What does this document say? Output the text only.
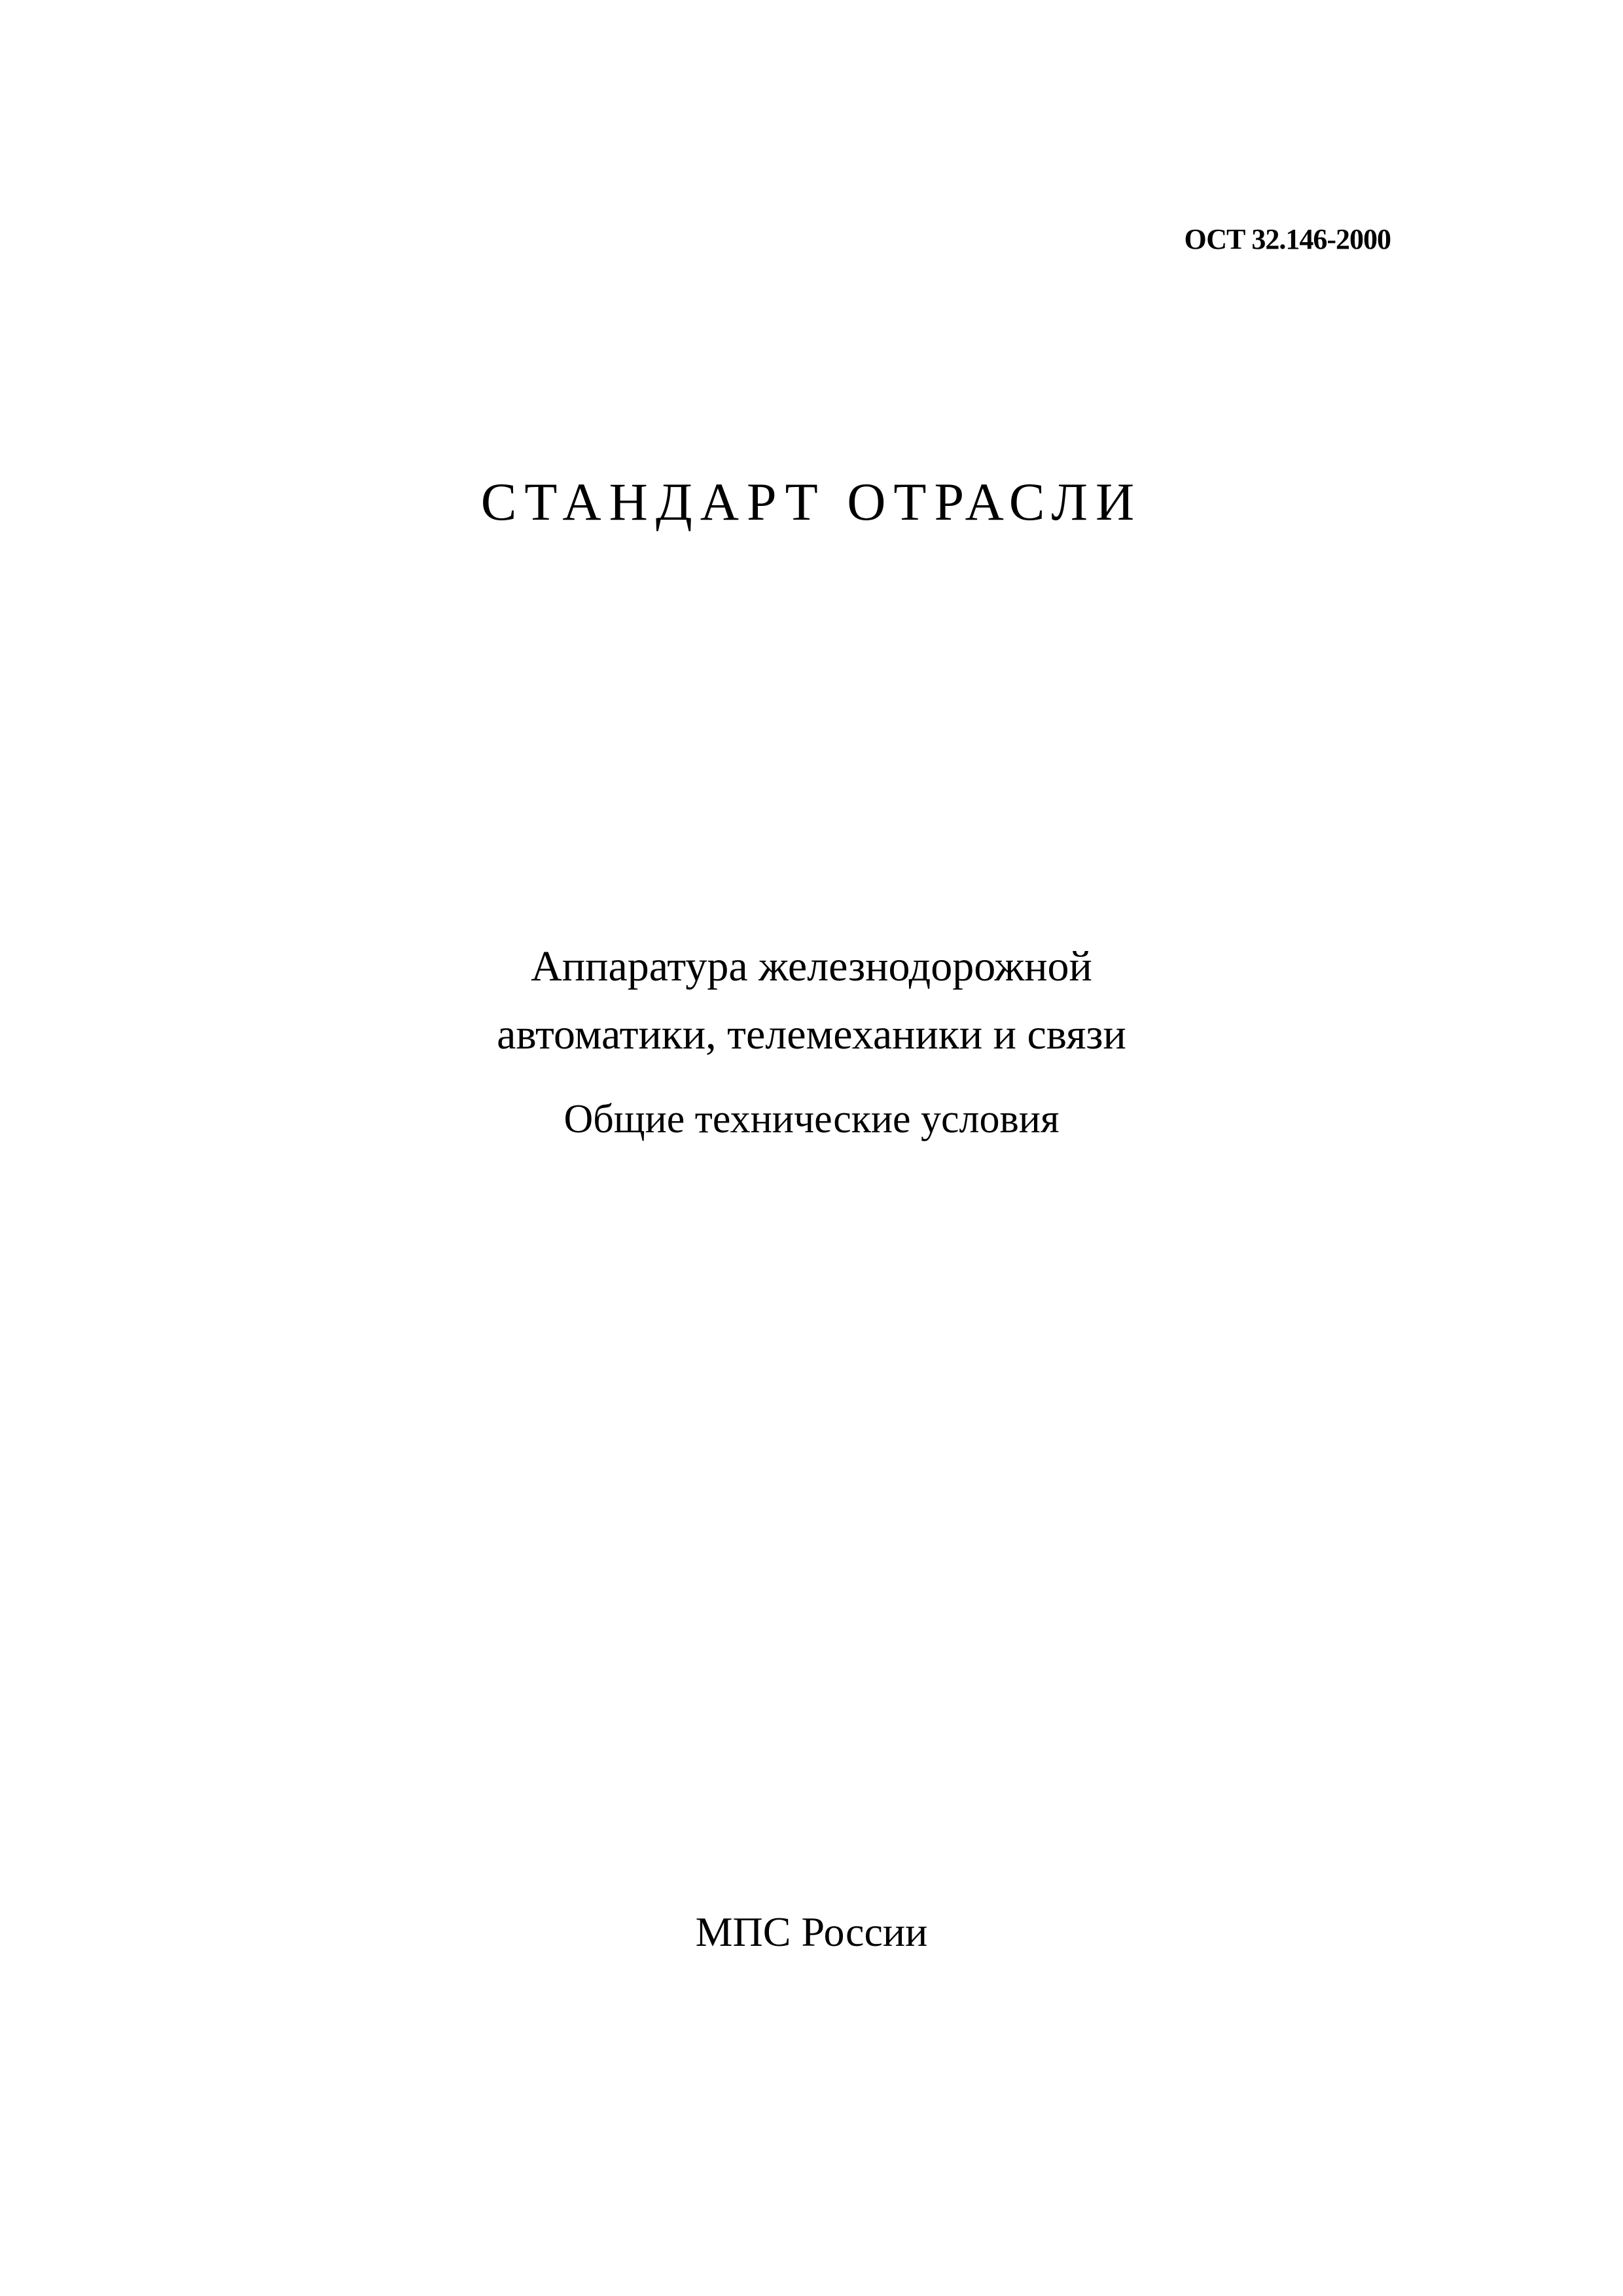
ОСТ 32.146-2000
СТАНДАРТ ОТРАСЛИ
Аппаратура железнодорожной
автоматики, телемеханики и связи
Общие технические условия
МПС России
